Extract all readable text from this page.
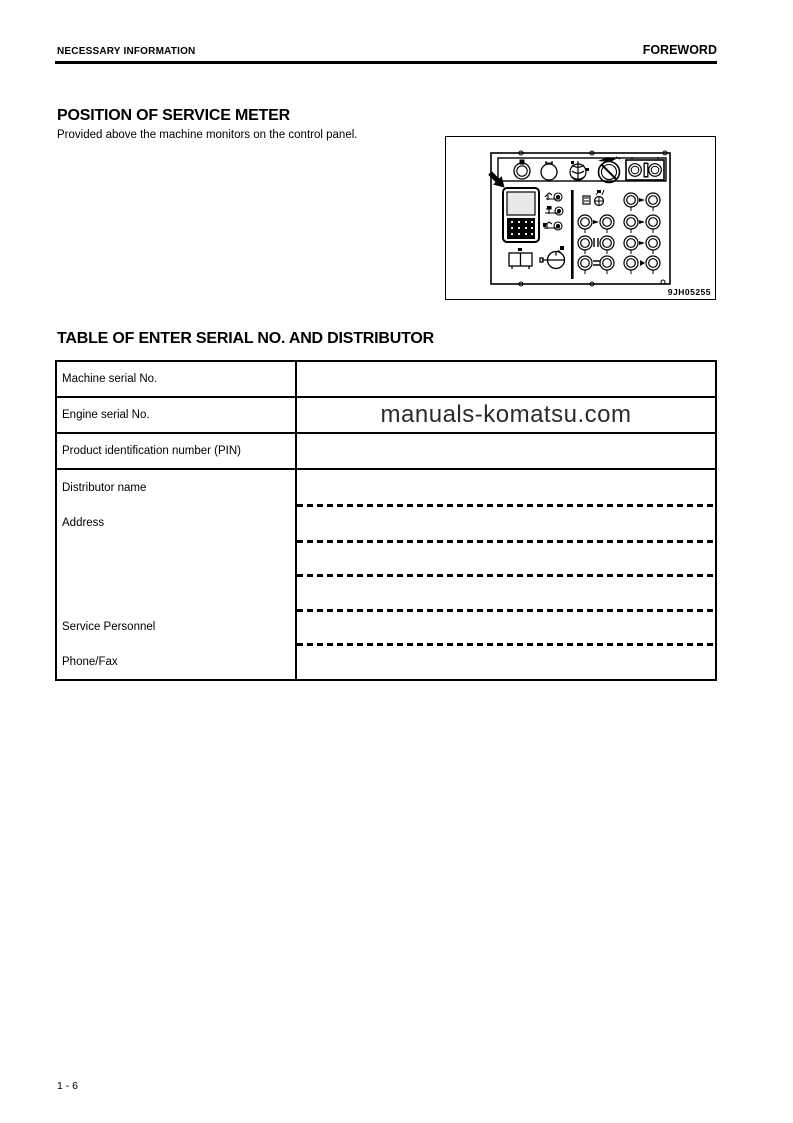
NECESSARY INFORMATION	FOREWORD
POSITION OF SERVICE METER
Provided above the machine monitors on the control panel.
9JH05255
TABLE OF ENTER SERIAL NO. AND DISTRIBUTOR
Machine serial No.
Engine serial No.	manuals-komatsu.com
Product identification number (PIN)
Distributor name
Address
Service Personnel
Phone/Fax
1 - 6
